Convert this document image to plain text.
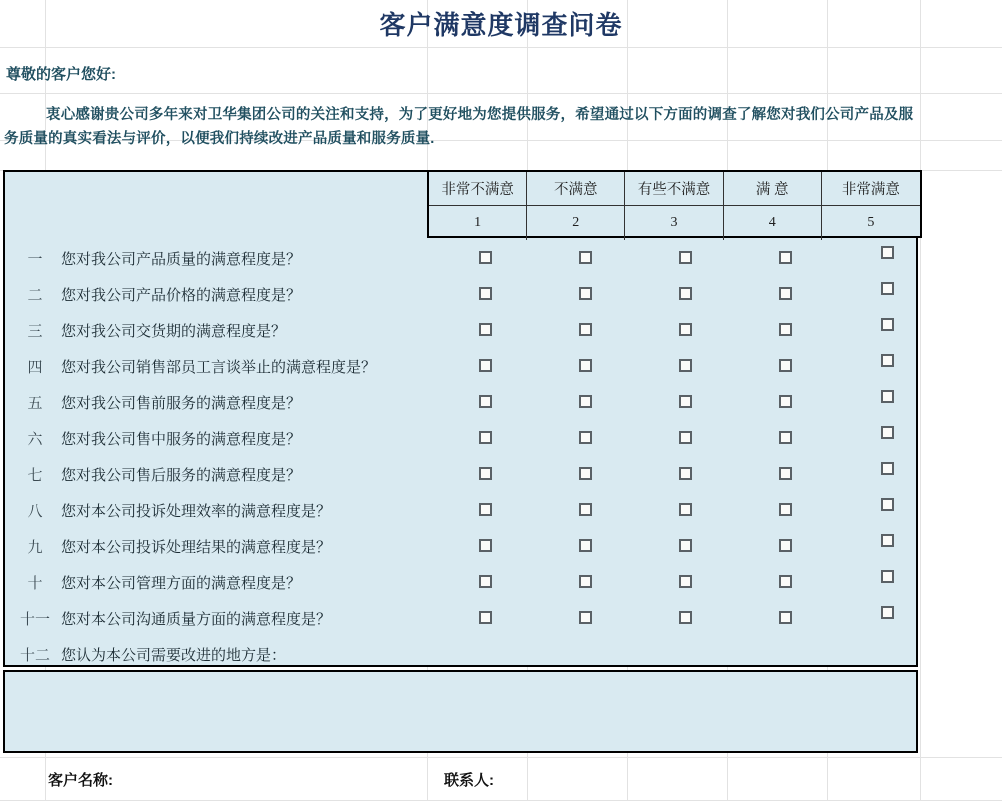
客户满意度调查问卷
尊敬的客户您好:
衷心感谢贵公司多年来对卫华集团公司的关注和支持，为了更好地为您提供服务，希望通过以下方面的调查了解您对我们公司产品及服务质量的真实看法与评价，以便我们持续改进产品质量和服务质量.
非常不满意	不满意	有些不满意	满 意	非常满意
1	2	3	4	5
一	您对我公司产品质量的满意程度是？
二	您对我公司产品价格的满意程度是？
三	您对我公司交货期的满意程度是？
四	您对我公司销售部员工言谈举止的满意程度是？
五	您对我公司售前服务的满意程度是？
六	您对我公司售中服务的满意程度是？
七	您对我公司售后服务的满意程度是？
八	您对本公司投诉处理效率的满意程度是？
九	您对本公司投诉处理结果的满意程度是？
十	您对本公司管理方面的满意程度是？
十一 您对本公司沟通质量方面的满意程度是？
十二 您认为本公司需要改进的地方是：
客户名称:	联系人:
